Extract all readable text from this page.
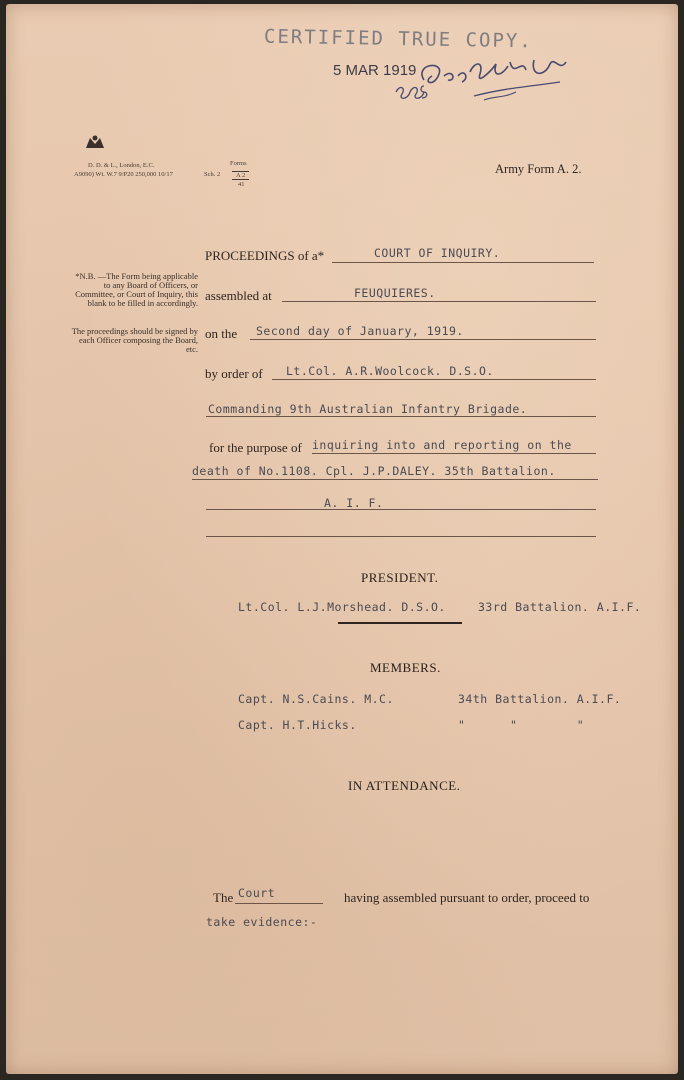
CERTIFIED TRUE COPY.
5 MAR 1919
D. D. & L., London, E.C.
A9090) Wt. W.7 9/P20 250,000 10/17	Sch. 2
Forms
A 2
41
Army Form A. 2.
*N.B. —The Form being applicable to any Board of Officers, or Committee, or Court of Inquiry, this blank to be filled in accordingly.
The proceedings should be signed by each Officer composing the Board, etc.
PROCEEDINGS of a*	COURT OF INQUIRY.
assembled at	FEUQUIERES.
on the Second day of January, 1919.
by order of Lt.Col. A.R.Woolcock. D.S.O.
Commanding 9th Australian Infantry Brigade.
for the purpose of inquiring into and reporting on the
death of No.1108. Cpl. J.P.DALEY. 35th Battalion.
A. I. F.
PRESIDENT.
Lt.Col. L.J.Morshead. D.S.O.	33rd Battalion. A.I.F.
MEMBERS.
Capt. N.S.Cains. M.C.	34th Battalion. A.I.F.
Capt. H.T.Hicks.	"      "        "
IN ATTENDANCE.
The Court	having assembled pursuant to order, proceed to
take evidence:-
